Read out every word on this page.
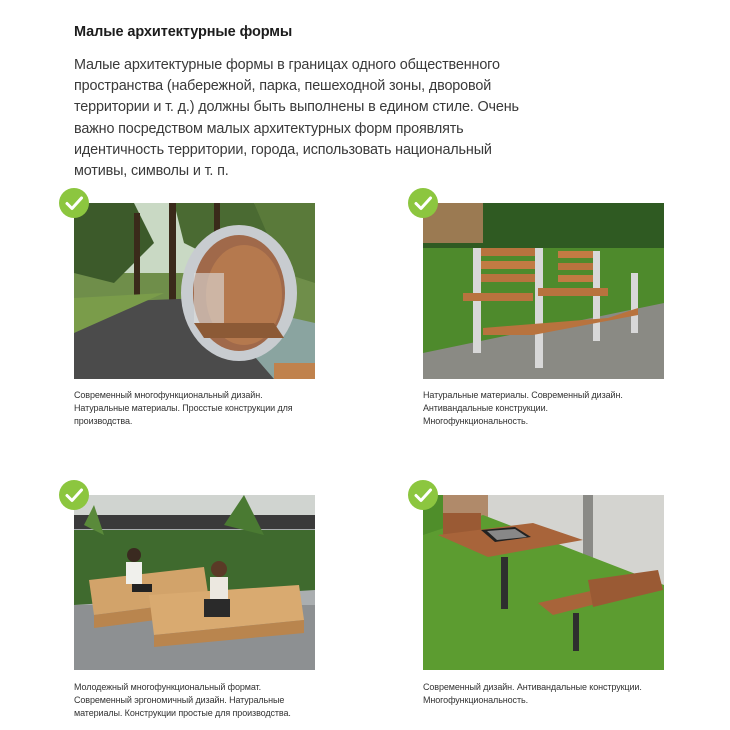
Малые архитектурные формы
Малые архитектурные формы в границах одного общественного пространства (набережной, парка, пешеходной зоны, дворовой территории и т. д.) должны быть выполнены в едином стиле. Очень важно посредством малых архитектурных форм проявлять идентичность территории, города, использовать национальный мотивы, символы и т. п.
Современный многофункциональный дизайн. Натуральные материалы. Просстые конструкции для производства.
Натуральные материалы. Современный дизайн. Антивандальные конструкции. Многофункциональность.
Молодежный многофункциональный формат. Современный эргономичный дизайн. Натуральные материалы. Конструкции простые для производства.
Современный дизайн. Антивандальные конструкции. Многофункциональность.
